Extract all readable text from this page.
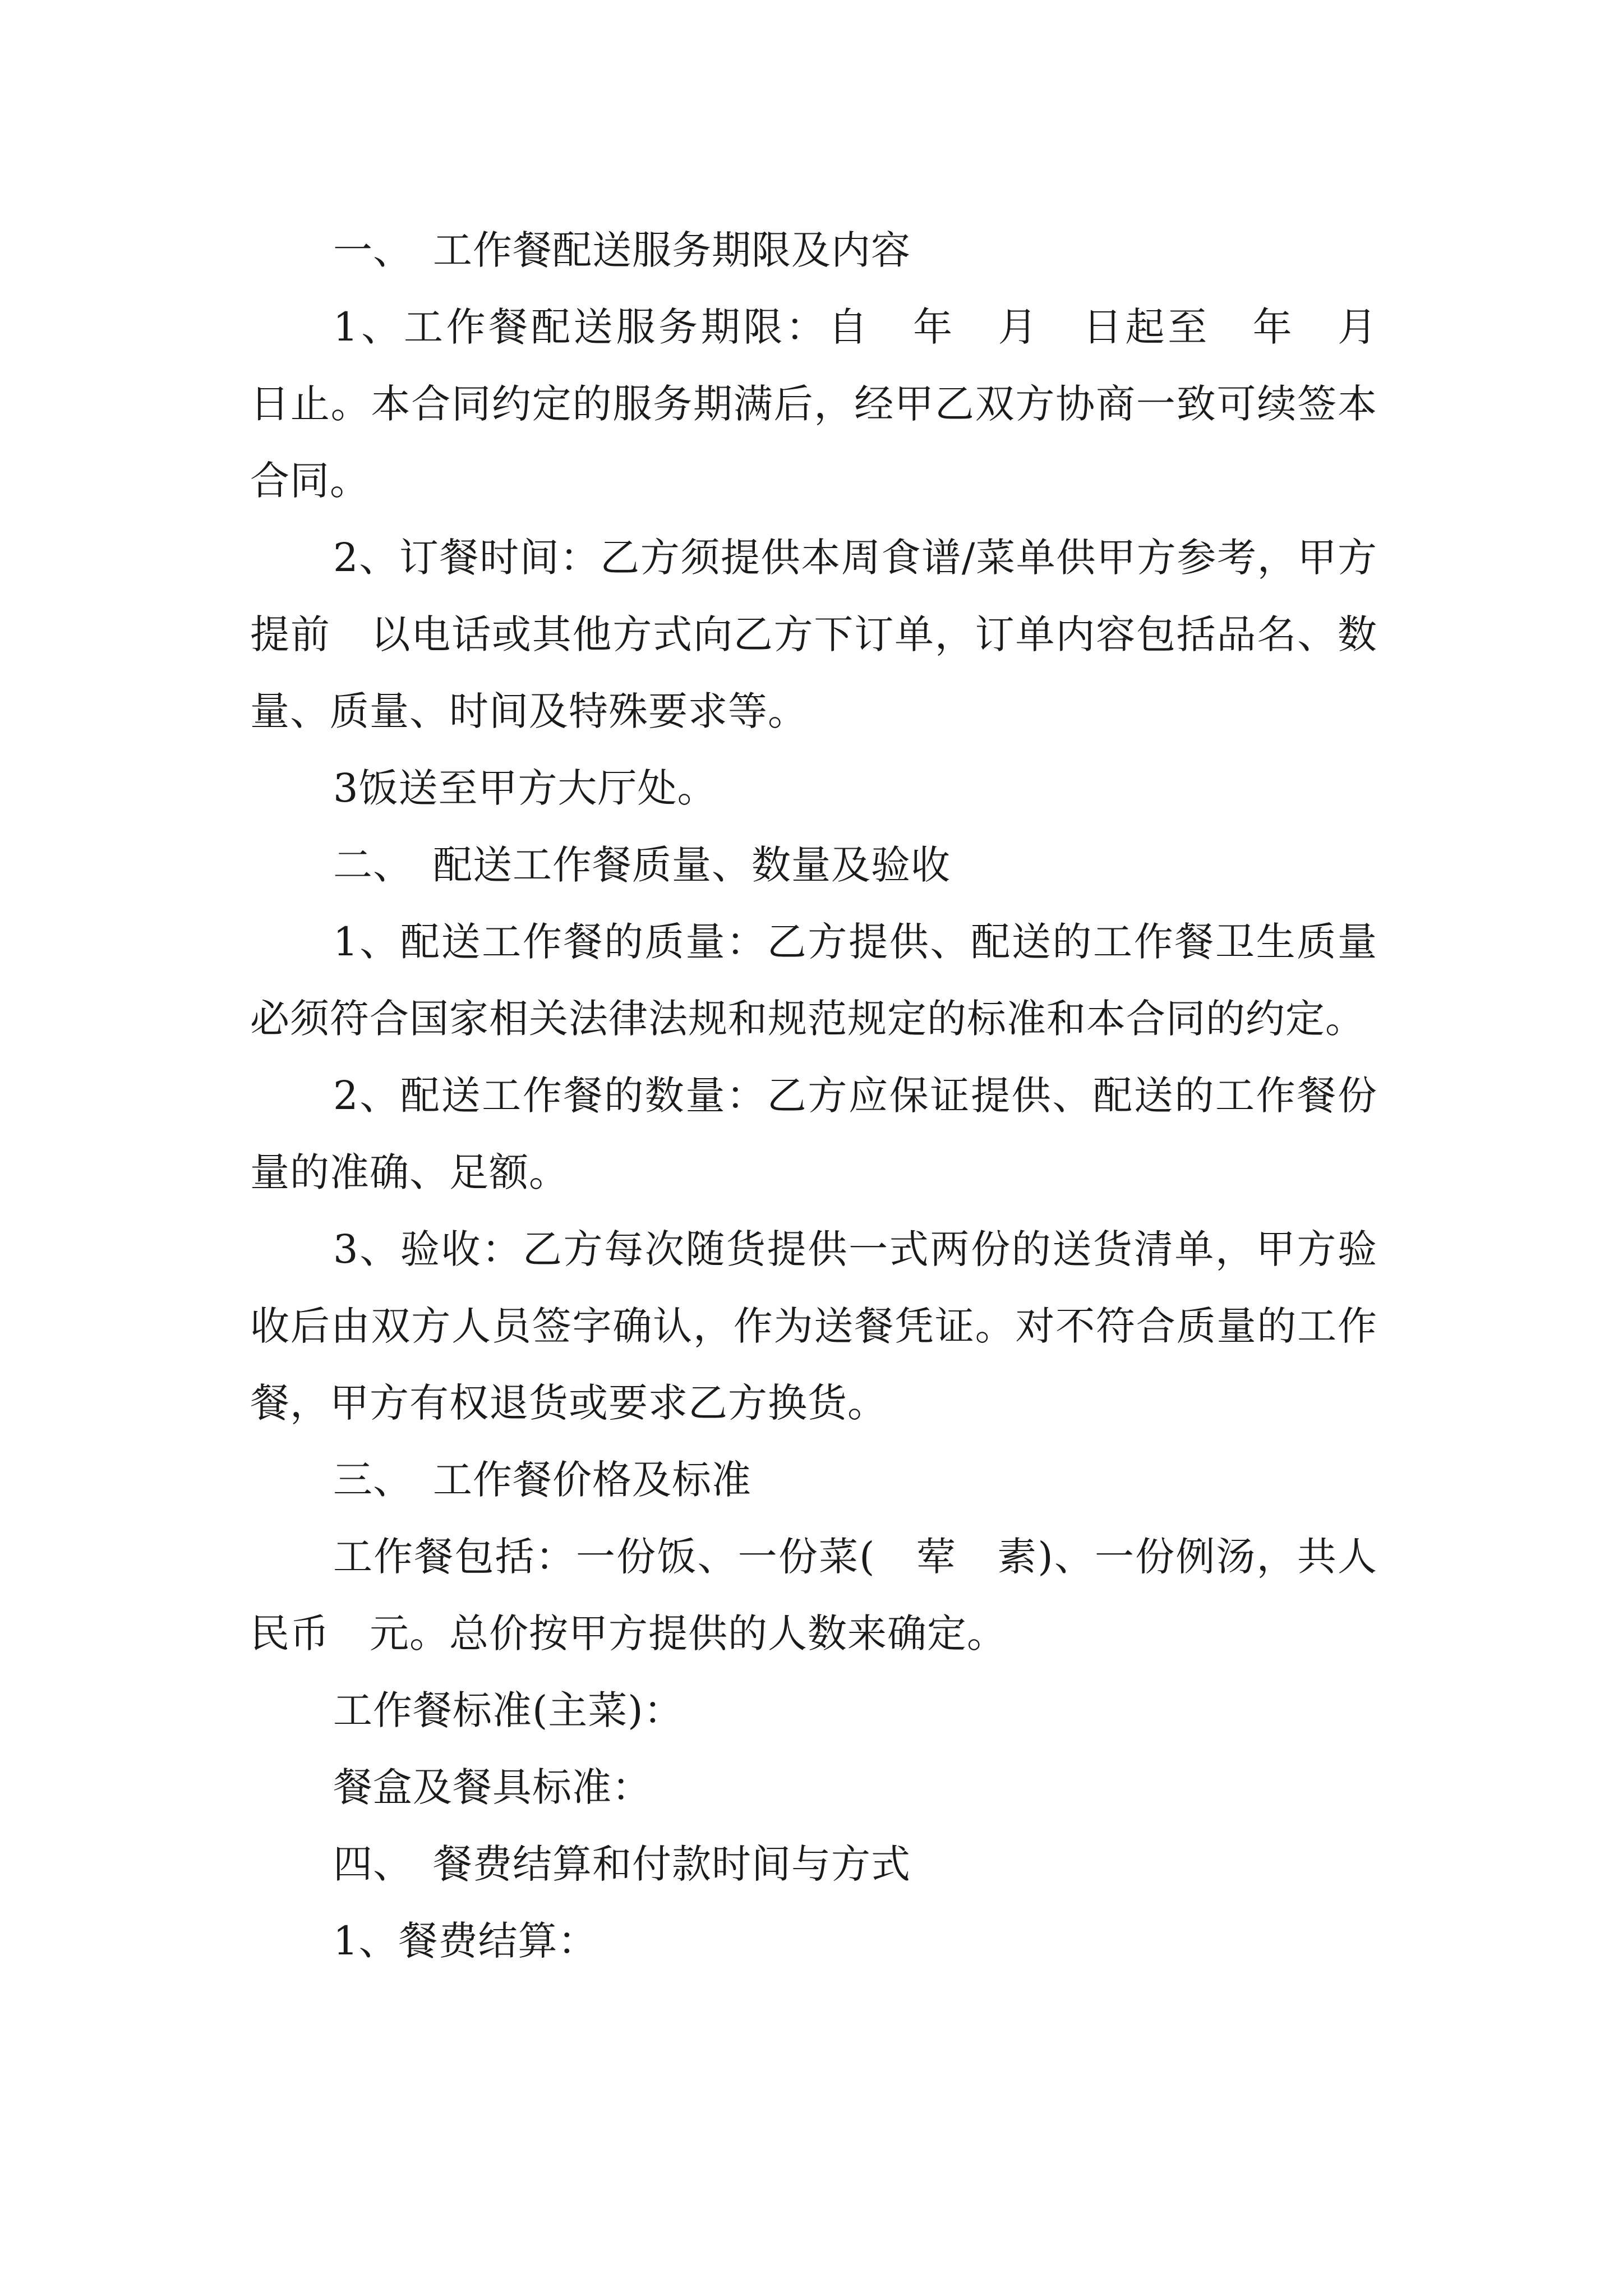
一、　工作餐配送服务期限及内容

1、工作餐配送服务期限：自　年　月　日起至　年　月　日止。本合同约定的服务期满后，经甲乙双方协商一致可续签本合同。

2、订餐时间：乙方须提供本周食谱/菜单供甲方参考，甲方提前　以电话或其他方式向乙方下订单，订单内容包括品名、数量、质量、时间及特殊要求等。

3饭送至甲方大厅处。

二、　配送工作餐质量、数量及验收

1、配送工作餐的质量：乙方提供、配送的工作餐卫生质量必须符合国家相关法律法规和规范规定的标准和本合同的约定。

2、配送工作餐的数量：乙方应保证提供、配送的工作餐份量的准确、足额。

3、验收：乙方每次随货提供一式两份的送货清单，甲方验收后由双方人员签字确认，作为送餐凭证。对不符合质量的工作餐，甲方有权退货或要求乙方换货。

三、　工作餐价格及标准

工作餐包括：一份饭、一份菜(　荤　素)、一份例汤，共人民币　元。总价按甲方提供的人数来确定。

工作餐标准(主菜)：

餐盒及餐具标准：

四、　餐费结算和付款时间与方式

1、餐费结算：
